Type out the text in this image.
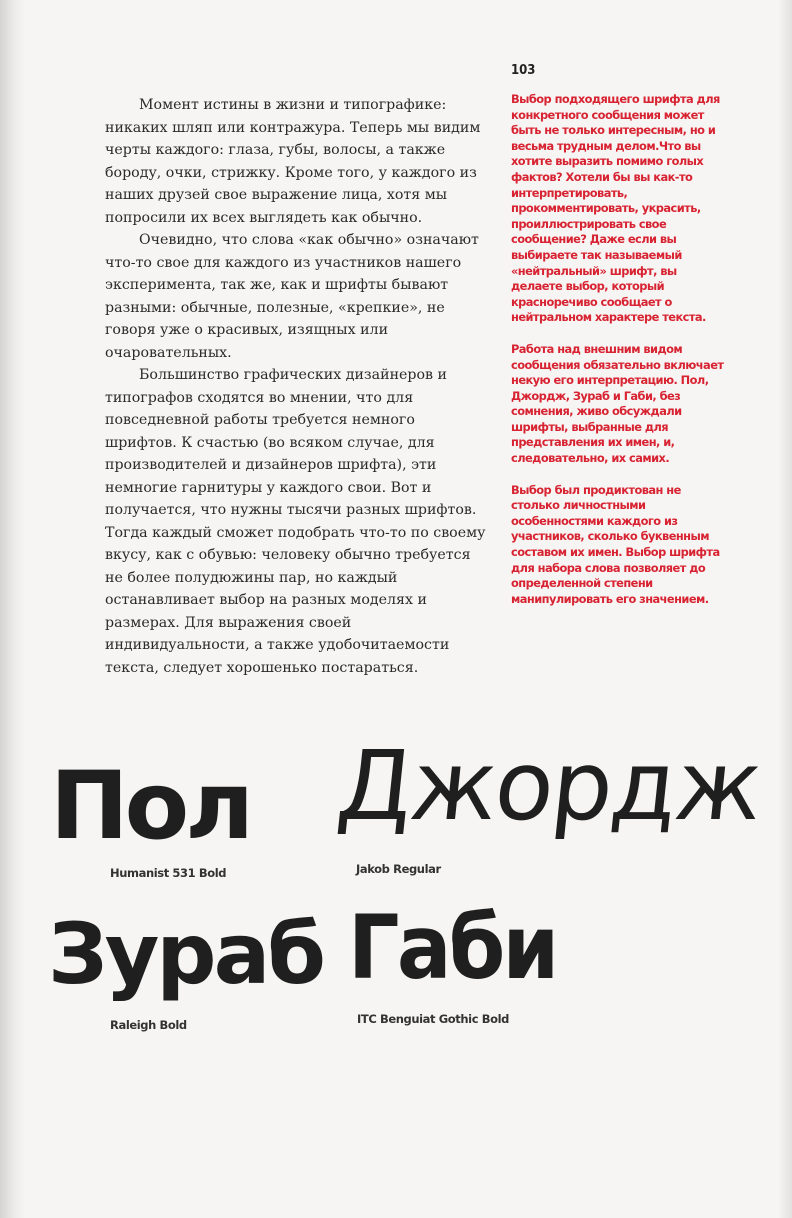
103

Момент истины в жизни и типографике: никаких шляп или контражура. Теперь мы видим черты каждого: глаза, губы, волосы, а также бороду, очки, стрижку. Кроме того, у каждого из наших друзей свое выражение лица, хотя мы попросили их всех выглядеть как обычно.

Очевидно, что слова «как обычно» означают что-то свое для каждого из участников нашего эксперимента, так же, как и шрифты бывают разными: обычные, полезные, «крепкие», не говоря уже о красивых, изящных или очаровательных.

Большинство графических дизайнеров и типографов сходятся во мнении, что для повседневной работы требуется немного шрифтов. К счастью (во всяком случае, для производителей и дизайнеров шрифта), эти немногие гарнитуры у каждого свои. Вот и получается, что нужны тысячи разных шрифтов. Тогда каждый сможет подобрать что-то по своему вкусу, как с обувью: человеку обычно требуется не более полудюжины пар, но каждый останавливает выбор на разных моделях и размерах. Для выражения своей индивидуальности, а также удобочитаемости текста, следует хорошенько постараться.

Выбор подходящего шрифта для конкретного сообщения может быть не только интересным, но и весьма трудным делом.Что вы хотите выразить помимо голых фактов? Хотели бы вы как-то интерпретировать, прокомментировать, украсить, проиллюстрировать свое сообщение? Даже если вы выбираете так называемый «нейтральный» шрифт, вы делаете выбор, который красноречиво сообщает о нейтральном характере текста.

Работа над внешним видом сообщения обязательно включает некую его интерпретацию. Пол, Джордж, Зураб и Габи, без сомнения, живо обсуждали шрифты, выбранные для представления их имен, и, следовательно, их самих.

Выбор был продиктован не столько личностными особенностями каждого из участников, сколько буквенным составом их имен. Выбор шрифта для набора слова позволяет до определенной степени манипулировать его значением.

Пол
Humanist 531 Bold
Джордж
Jakob Regular
Зураб
Raleigh Bold
Габи
ITC Benguiat Gothic Bold
